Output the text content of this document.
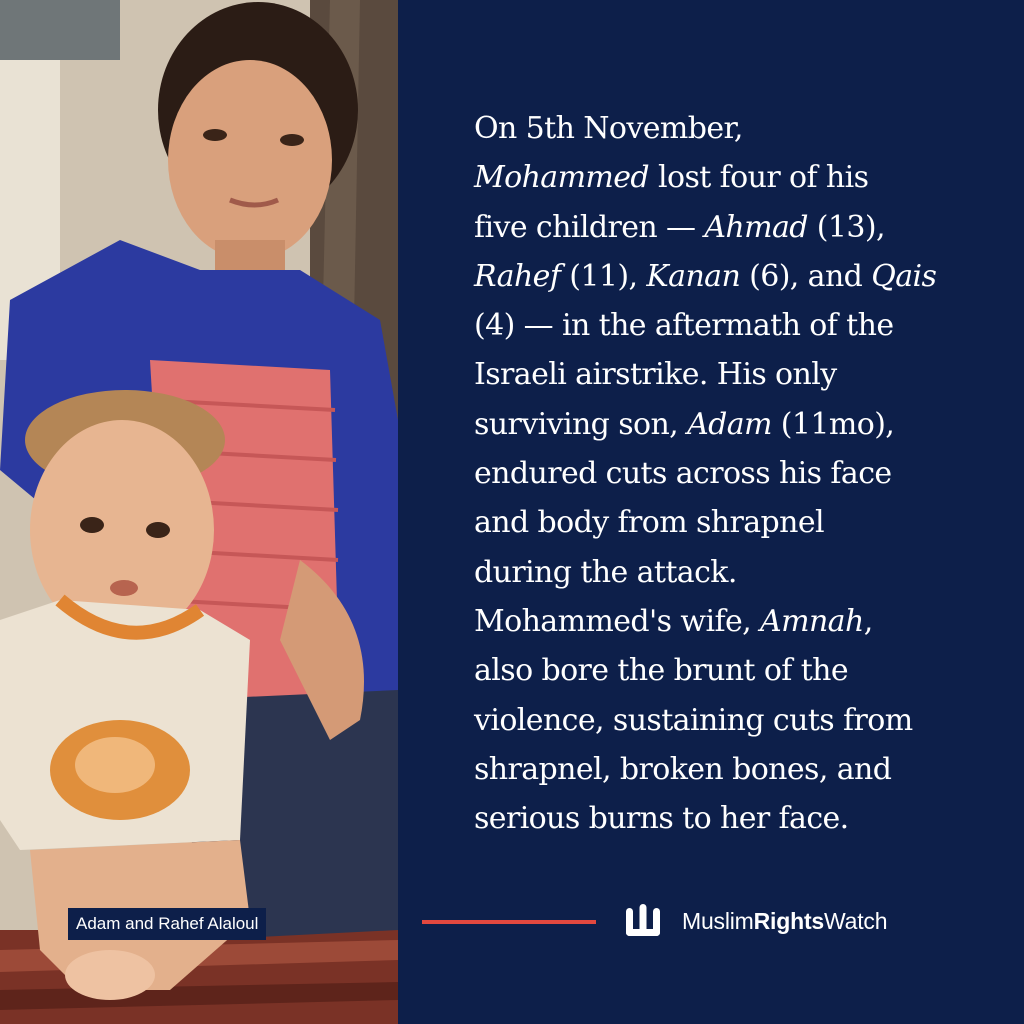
Adam and Rahef Alaloul
On 5th November,
Mohammed lost four of his
five children — Ahmad (13),
Rahef (11), Kanan (6), and Qais
(4) — in the aftermath of the
Israeli airstrike. His only
surviving son, Adam (11mo),
endured cuts across his face
and body from shrapnel
during the attack.
Mohammed's wife, Amnah,
also bore the brunt of the
violence, sustaining cuts from
shrapnel, broken bones, and
serious burns to her face.
MuslimRightsWatch
